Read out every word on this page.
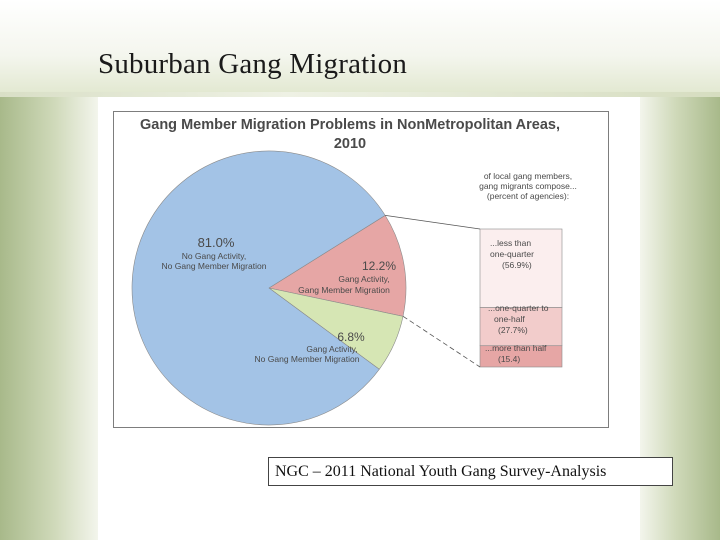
Suburban Gang Migration
Gang Member Migration Problems in NonMetropolitan Areas,
2010
81.0%
No Gang Activity,
No Gang Member Migration	12.2%
Gang Activity,
Gang Member Migration
6.8%
Gang Activity,
No Gang Member Migration
of local gang members,
gang migrants compose...
(percent of agencies):
...less than
one-quarter
(56.9%)
...one-quarter to
one-half
(27.7%)
...more than half
(15.4)
NGC – 2011 National Youth Gang Survey-Analysis
